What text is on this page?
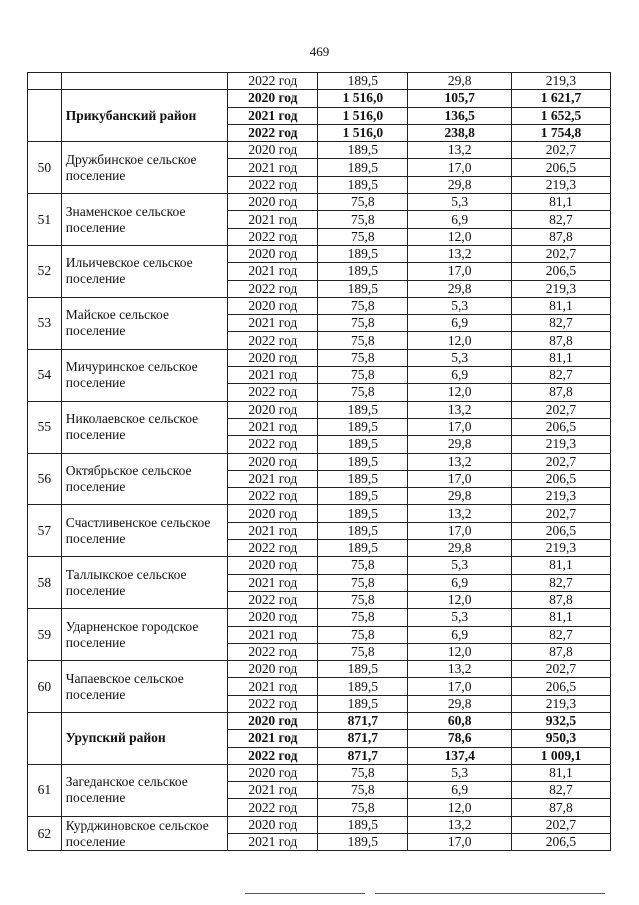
469
		2022 год	189,5	29,8	219,3
	Прикубанский район	2020 год	1 516,0	105,7	1 621,7
		2021 год	1 516,0	136,5	1 652,5
		2022 год	1 516,0	238,8	1 754,8
50	Дружбинское сельское поселение	2020 год	189,5	13,2	202,7
		2021 год	189,5	17,0	206,5
		2022 год	189,5	29,8	219,3
51	Знаменское сельское поселение	2020 год	75,8	5,3	81,1
		2021 год	75,8	6,9	82,7
		2022 год	75,8	12,0	87,8
52	Ильичевское сельское поселение	2020 год	189,5	13,2	202,7
		2021 год	189,5	17,0	206,5
		2022 год	189,5	29,8	219,3
53	Майское сельское поселение	2020 год	75,8	5,3	81,1
		2021 год	75,8	6,9	82,7
		2022 год	75,8	12,0	87,8
54	Мичуринское сельское поселение	2020 год	75,8	5,3	81,1
		2021 год	75,8	6,9	82,7
		2022 год	75,8	12,0	87,8
55	Николаевское сельское поселение	2020 год	189,5	13,2	202,7
		2021 год	189,5	17,0	206,5
		2022 год	189,5	29,8	219,3
56	Октябрьское сельское поселение	2020 год	189,5	13,2	202,7
		2021 год	189,5	17,0	206,5
		2022 год	189,5	29,8	219,3
57	Счастливенское сельское поселение	2020 год	189,5	13,2	202,7
		2021 год	189,5	17,0	206,5
		2022 год	189,5	29,8	219,3
58	Таллыкское сельское поселение	2020 год	75,8	5,3	81,1
		2021 год	75,8	6,9	82,7
		2022 год	75,8	12,0	87,8
59	Ударненское городское поселение	2020 год	75,8	5,3	81,1
		2021 год	75,8	6,9	82,7
		2022 год	75,8	12,0	87,8
60	Чапаевское сельское поселение	2020 год	189,5	13,2	202,7
		2021 год	189,5	17,0	206,5
		2022 год	189,5	29,8	219,3
	Урупский район	2020 год	871,7	60,8	932,5
		2021 год	871,7	78,6	950,3
		2022 год	871,7	137,4	1 009,1
61	Загеданское сельское поселение	2020 год	75,8	5,3	81,1
		2021 год	75,8	6,9	82,7
		2022 год	75,8	12,0	87,8
62	Курджиновское сельское поселение	2020 год	189,5	13,2	202,7
		2021 год	189,5	17,0	206,5
